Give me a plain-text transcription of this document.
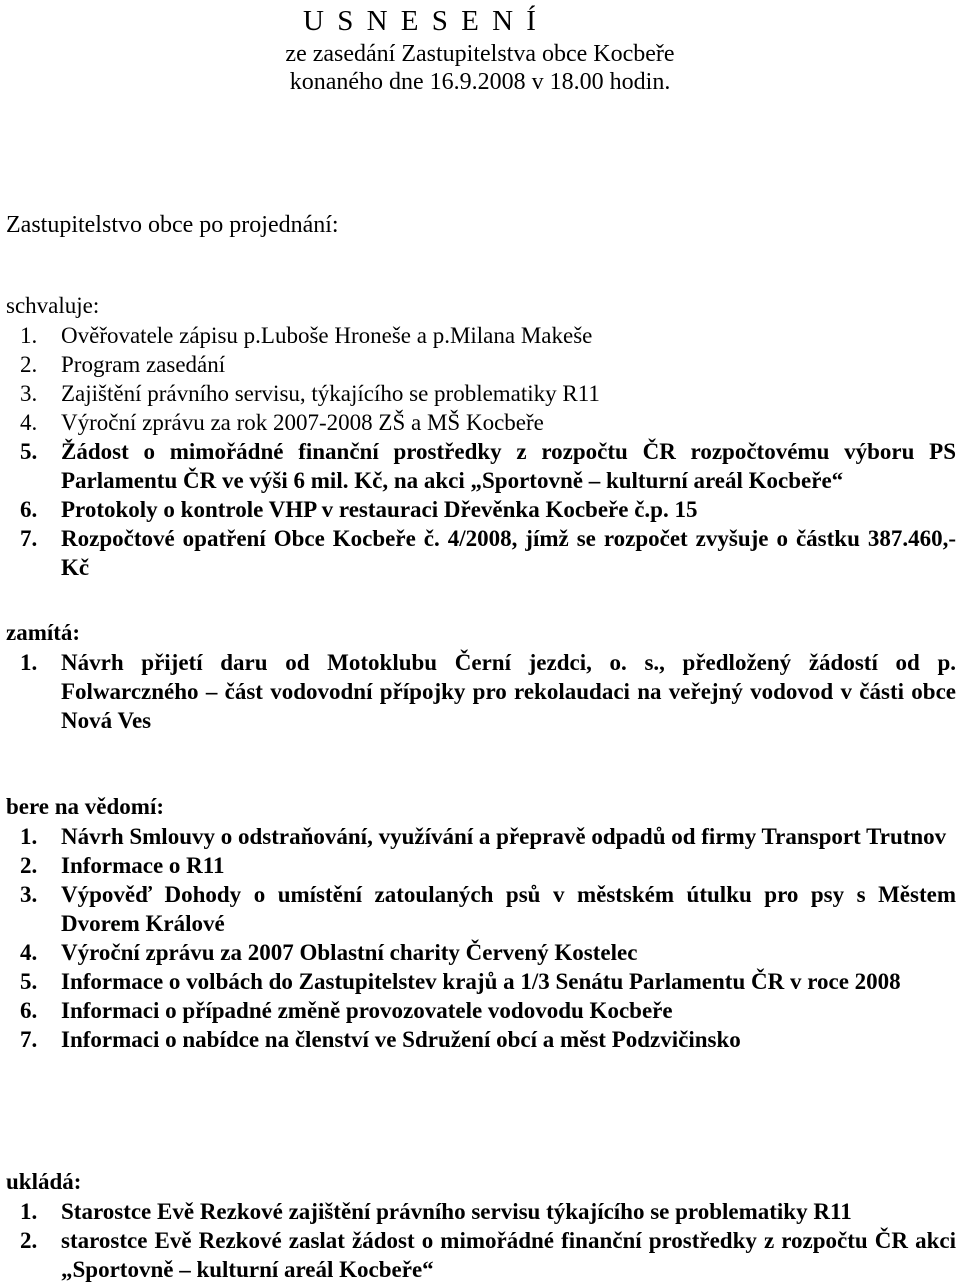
U S N E S E N Í
ze zasedání Zastupitelstva obce Kocbeře
konaného dne 16.9.2008 v 18.00 hodin.
Zastupitelstvo obce po projednání:
schvaluje:
1. Ověřovatele zápisu p.Luboše Hroneše a p.Milana Makeše
2. Program zasedání
3. Zajištění právního servisu, týkajícího se problematiky R11
4. Výroční zprávu za rok 2007-2008 ZŠ a MŠ Kocbeře
5. Žádost o mimořádné finanční prostředky z rozpočtu ČR rozpočtovému výboru PS Parlamentu ČR ve výši 6 mil. Kč, na akci „Sportovně – kulturní areál Kocbeře“
6. Protokoly o kontrole VHP v restauraci Dřevěnka Kocbeře č.p. 15
7. Rozpočtové opatření Obce Kocbeře č. 4/2008, jímž se rozpočet zvyšuje o částku 387.460,- Kč
zamítá:
1. Návrh přijetí daru od Motoklubu Černí jezdci, o. s., předložený žádostí od p. Folwarczného – část vodovodní přípojky pro rekolaudaci na veřejný vodovod v části obce Nová Ves
bere na vědomí:
1. Návrh Smlouvy o odstraňování, využívání a přepravě odpadů od firmy Transport Trutnov
2. Informace o R11
3. Výpověď Dohody o umístění zatoulaných psů v městském útulku pro psy s Městem Dvorem Králové
4. Výroční zprávu za 2007 Oblastní charity Červený Kostelec
5. Informace o volbách do Zastupitelstev krajů a 1/3 Senátu Parlamentu ČR v roce 2008
6. Informaci o případné změně provozovatele vodovodu Kocbeře
7. Informaci o nabídce na členství ve Sdružení obcí a měst Podzvičinsko
ukládá:
1. Starostce Evě Rezkové zajištění právního servisu týkajícího se problematiky R11
2. starostce Evě Rezkové zaslat žádost o mimořádné finanční prostředky z rozpočtu ČR akci „Sportovně – kulturní areál Kocbeře“
